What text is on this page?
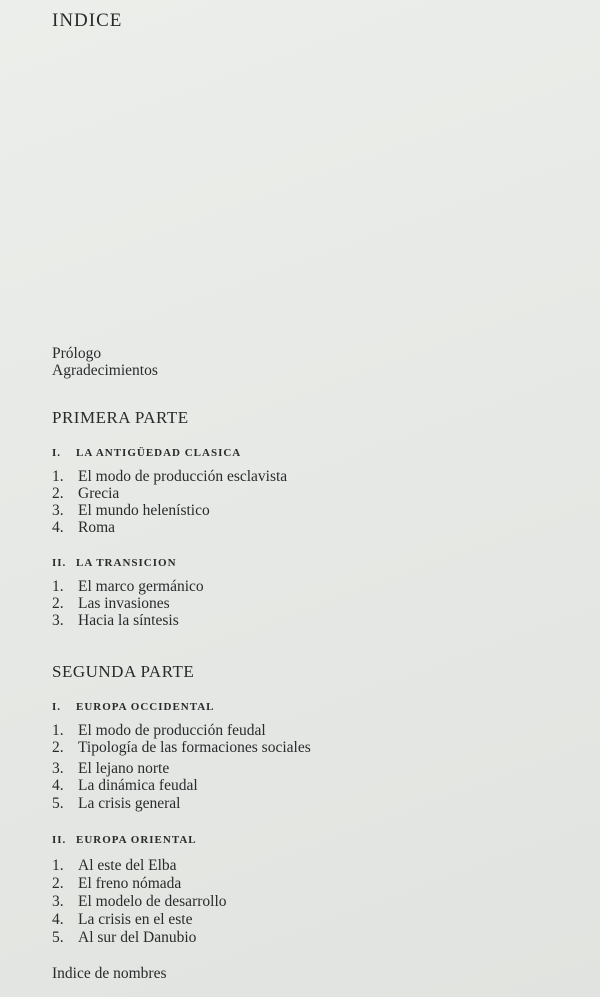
INDICE
Prólogo
Agradecimientos
PRIMERA PARTE
I. LA ANTIGÜEDAD CLASICA
1. El modo de producción esclavista
2. Grecia
3. El mundo helenístico
4. Roma
II. LA TRANSICION
1. El marco germánico
2. Las invasiones
3. Hacia la síntesis
SEGUNDA PARTE
I. EUROPA OCCIDENTAL
1. El modo de producción feudal
2. Tipología de las formaciones sociales
3. El lejano norte
4. La dinámica feudal
5. La crisis general
II. EUROPA ORIENTAL
1. Al este del Elba
2. El freno nómada
3. El modelo de desarrollo
4. La crisis en el este
5. Al sur del Danubio
Indice de nombres
